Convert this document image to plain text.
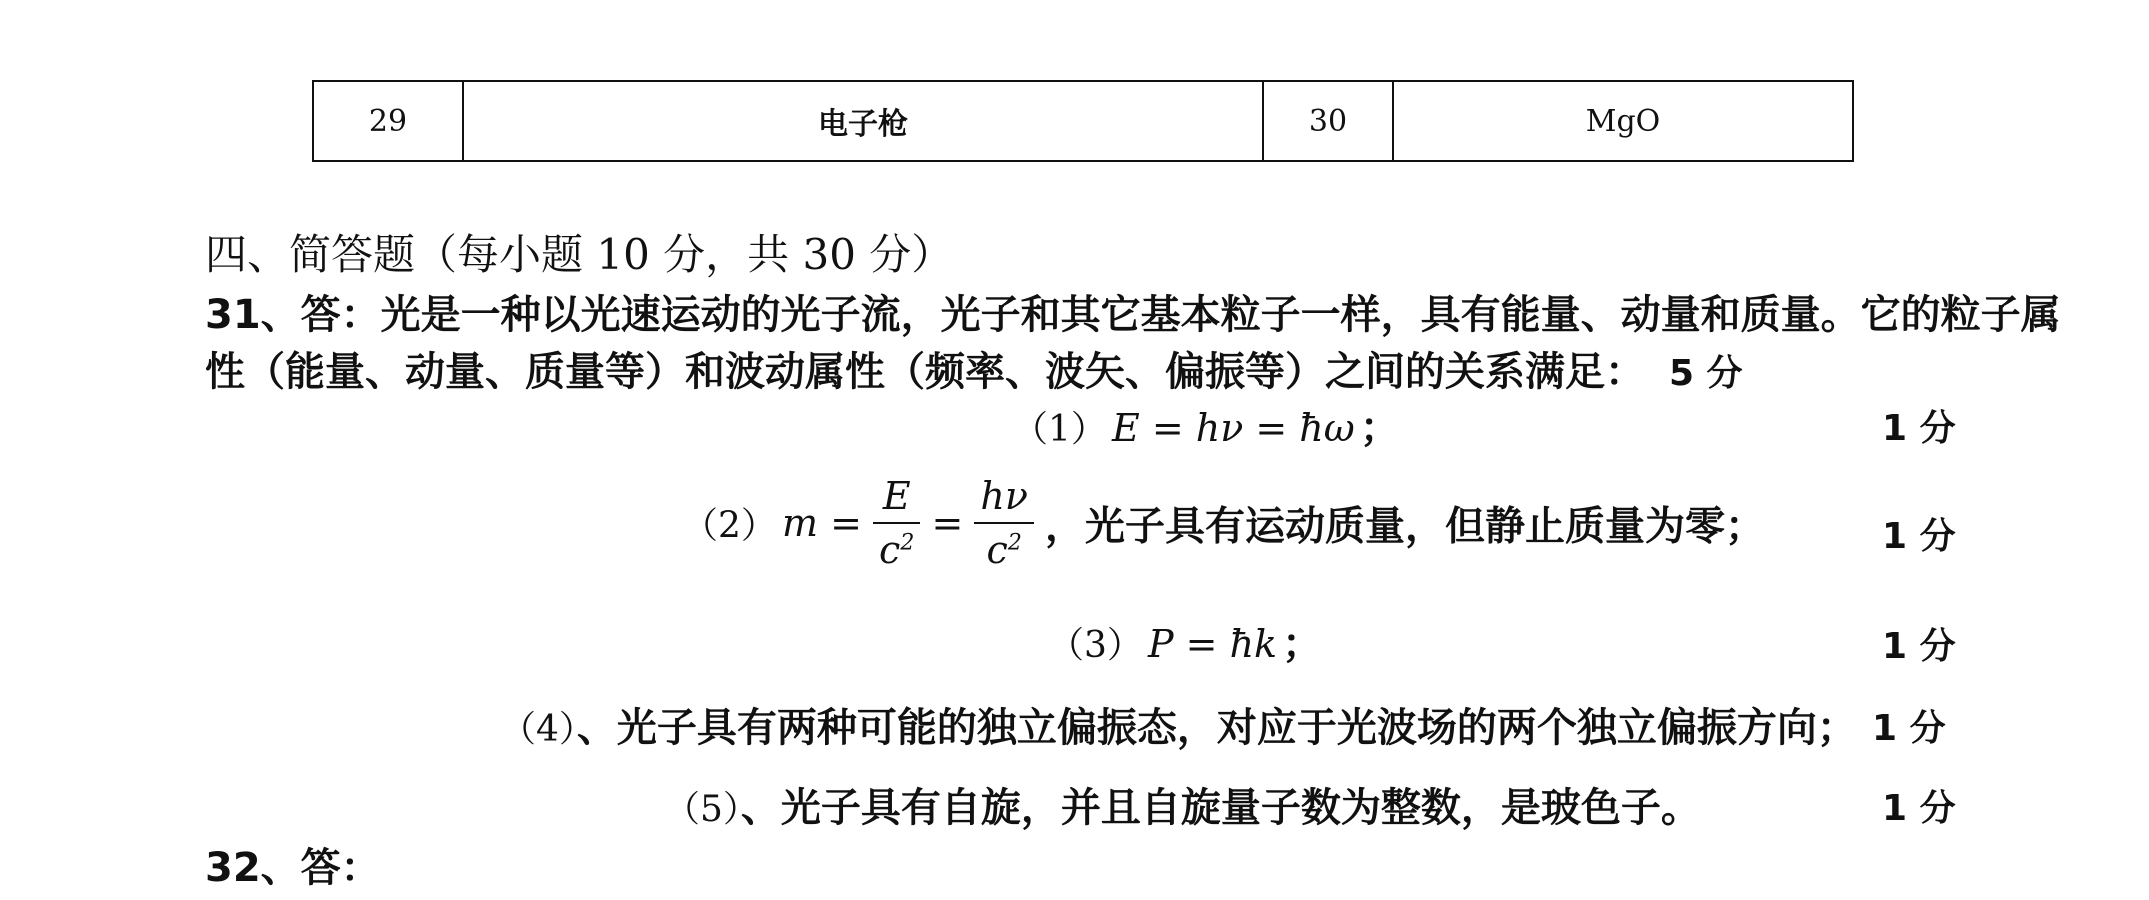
29	电子枪	30	MgO
四、简答题（每小题 10 分，共 30 分）
31、答：光是一种以光速运动的光子流，光子和其它基本粒子一样，具有能量、动量和质量。它的粒子属
性（能量、动量、质量等）和波动属性（频率、波矢、偏振等）之间的关系满足： 5 分
（1） E = hν = ħω ；	1 分
（2） $m = \frac{E}{c^2} = \frac{h\nu}{c^2}$ ，光子具有运动质量，但静止质量为零；	1 分
（3） P = ħk ；	1 分
（4）、光子具有两种可能的独立偏振态，对应于光波场的两个独立偏振方向； 1 分
（5）、光子具有自旋，并且自旋量子数为整数，是玻色子。	1 分
32、答：
